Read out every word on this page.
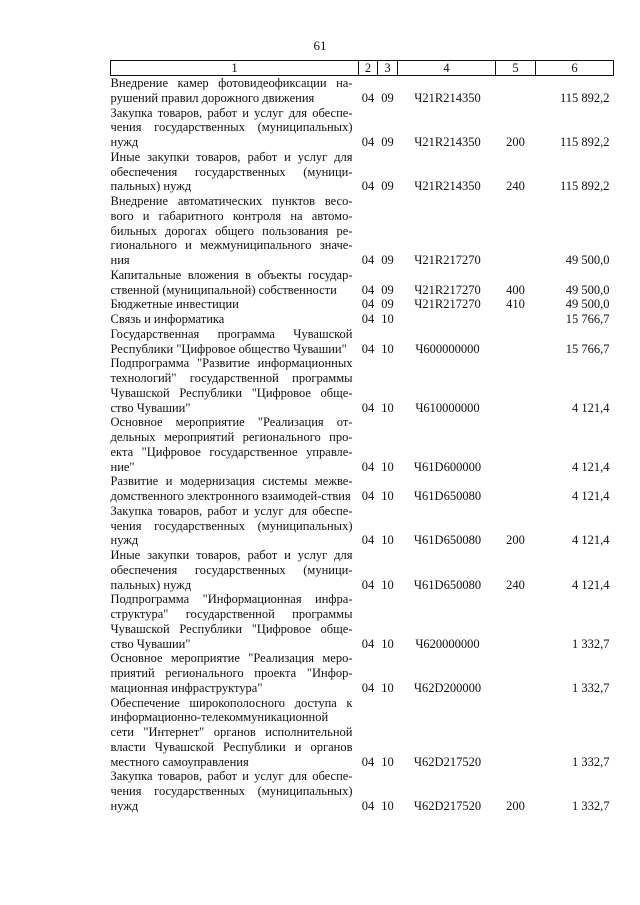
61
1	2	3	4	5	6
Внедрение камер фотовидеофиксации на-рушений правил дорожного движения	04	09	Ч21R214350		115 892,2
Закупка товаров, работ и услуг для обеспе-чения государственных (муниципальных) нужд	04	09	Ч21R214350	200	115 892,2
Иные закупки товаров, работ и услуг для обеспечения государственных (муници-пальных) нужд	04	09	Ч21R214350	240	115 892,2
Внедрение автоматических пунктов весо-вого и габаритного контроля на автомо-бильных дорогах общего пользования ре-гионального и межмуниципального значе-ния	04	09	Ч21R217270		49 500,0
Капитальные вложения в объекты государ-ственной (муниципальной) собственности	04	09	Ч21R217270	400	49 500,0
Бюджетные инвестиции	04	09	Ч21R217270	410	49 500,0
Связь и информатика	04	10			15 766,7
Государственная программа Чувашской Республики "Цифровое общество Чувашии"	04	10	Ч600000000		15 766,7
Подпрограмма "Развитие информационных технологий" государственной программы Чувашской Республики "Цифровое обще-ство Чувашии"	04	10	Ч610000000		4 121,4
Основное мероприятие "Реализация от-дельных мероприятий регионального про-екта "Цифровое государственное управле-ние"	04	10	Ч61D600000		4 121,4
Развитие и модернизация системы межве-домственного электронного взаимодей-ствия	04	10	Ч61D650080		4 121,4
Закупка товаров, работ и услуг для обеспе-чения государственных (муниципальных) нужд	04	10	Ч61D650080	200	4 121,4
Иные закупки товаров, работ и услуг для обеспечения государственных (муници-пальных) нужд	04	10	Ч61D650080	240	4 121,4
Подпрограмма "Информационная инфра-структура" государственной программы Чувашской Республики "Цифровое обще-ство Чувашии"	04	10	Ч620000000		1 332,7
Основное мероприятие "Реализация меро-приятий регионального проекта "Инфор-мационная инфраструктура"	04	10	Ч62D200000		1 332,7
Обеспечение широкополосного доступа к информационно-телекоммуникационной сети "Интернет" органов исполнительной власти Чувашской Республики и органов местного самоуправления	04	10	Ч62D217520		1 332,7
Закупка товаров, работ и услуг для обеспе-чения государственных (муниципальных) нужд	04	10	Ч62D217520	200	1 332,7
